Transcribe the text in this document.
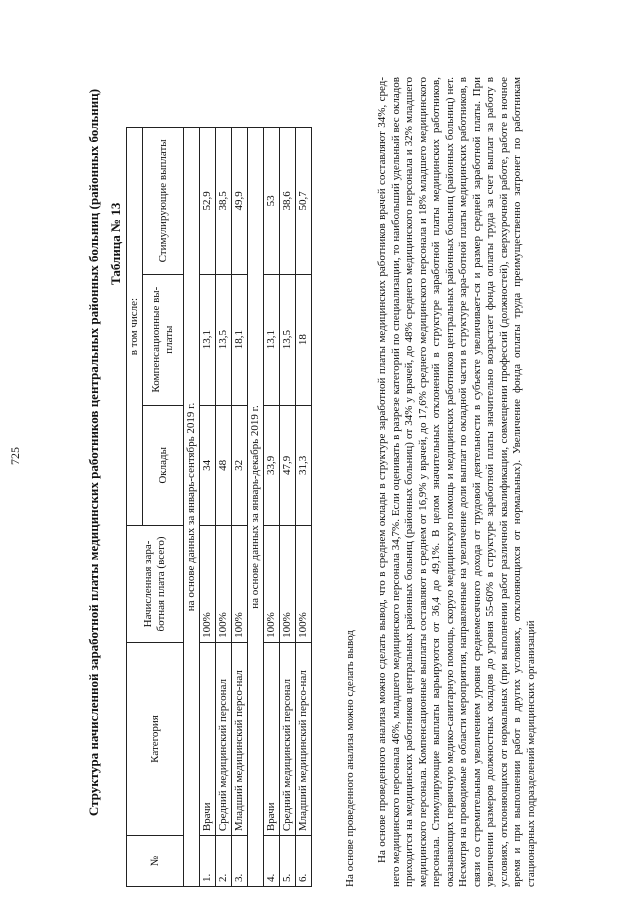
725	Структура начисленной заработной платы медицинских работников центральных районных больниц (районных больниц) Таблица № 13
№	Категория	Начисленная зара-ботная плата (всего)	в том числе:		
			Оклады	Компенсационные вы-платы	Стимулирующие выплаты
на основе данных за январь-сентябрь 2019 г.					
1.	Врачи	100%	34	13,1	52,9
2.	Средний медицинский персонал	100%	48	13,5	38,5
3.	Младший медицинский персо-нал	100%	32	18,1	49,9
на основе данных за январь-декабрь 2019 г.					
4.	Врачи	100%	33,9	13,1	53
5.	Средний медицинский персонал	100%	47,9	13,5	38,6
6.	Младший медицинский персо-нал	100%	31,3	18	50,7
На основе проведенного анализа можно сделать вывод На основе проведенного анализа можно сделать вывод, что в среднем оклады в структуре заработной платы медицинских работников врачей составляют 34%, сред-него медицинского персонала 46%, младшего медицинского персонала 34,7%. Если оценивать в разрезе категорий по специализации, то наибольший удельный вес окладов приходится на медицинских работников центральных районных больниц (районных больниц) от 34% у врачей, до 48% среднего медицинского персонала и 32% младшего медицинского персонала. Компенсационные выплаты составляют в среднем от 16,9% у врачей, до 17,6% среднего медицинского персонала и 18% младшего медицинского персонала. Стимулирующие выплаты варьируются от 36,4 до 49,1%. В целом значительных отклонений в структуре заработной платы медицинских работников, оказывающих первичную медико-санитарную помощь, скорую медицинскую помощь и медицинских работников центральных районных больниц (районных больниц) нет. Несмотря на проводимые в области мероприятия, направленные на увеличение доли выплат по окладной части в структуре зара-ботной платы медицинских работников, в связи со стремительным увеличением уровня среднемесячного дохода от трудовой деятельности в субъекте увеличивает-ся и размер средней заработной платы. При увеличении размеров должностных окладов до уровня 55-60% в структуре заработной платы значительно возрастает фонда оплаты труда за счет выплат за работу в условиях, отклоняющихся от нормальных (при выполнении работ различной квалификации, совмещении профессий (должностей), сверхурочной работе, работе в ночное время и при выполнении работ в других условиях, отклоняющихся от нормальных). Увеличение фонда оплаты труда преимущественно затронет по работникам стационарных подразделений медицинских организаций
